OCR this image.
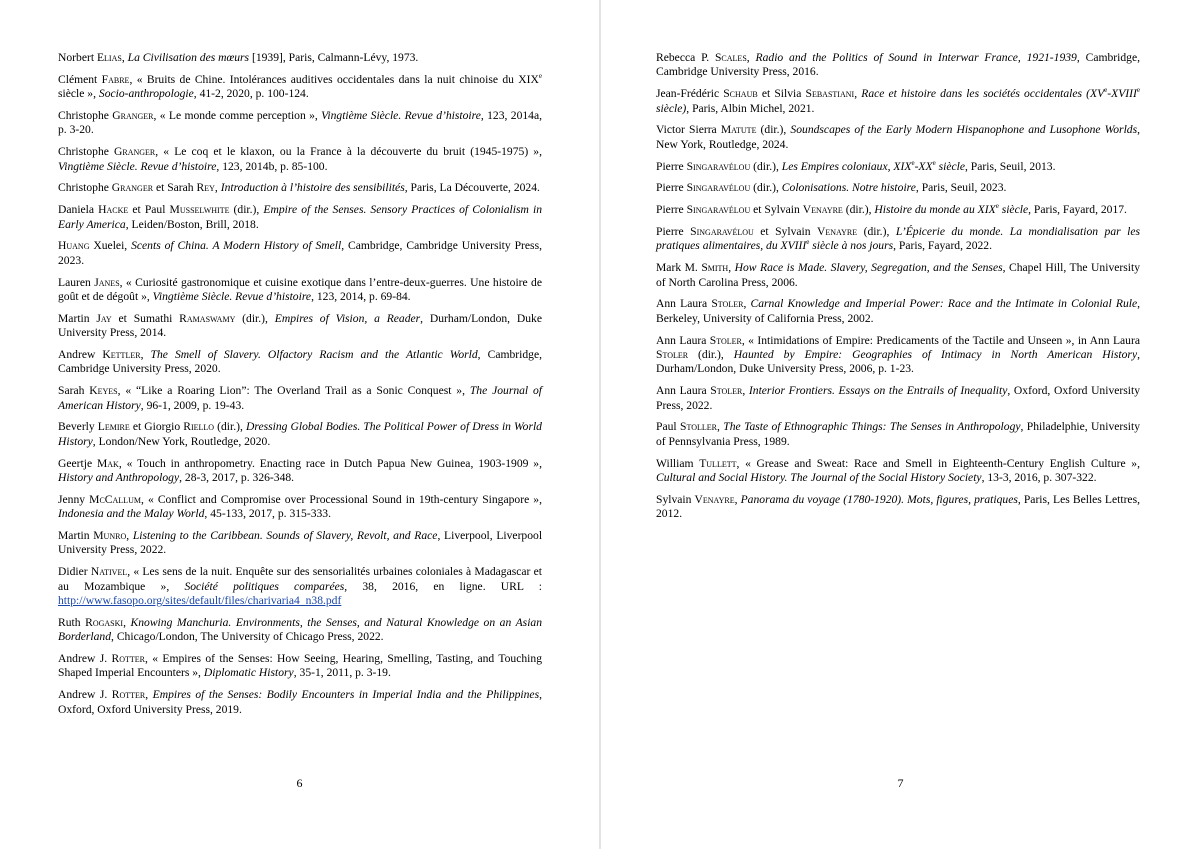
Norbert Elias, La Civilisation des mœurs [1939], Paris, Calmann-Lévy, 1973.

Clément Fabre, « Bruits de Chine. Intolérances auditives occidentales dans la nuit chinoise du XIXe siècle », Socio-anthropologie, 41-2, 2020, p. 100-124.

Christophe Granger, « Le monde comme perception », Vingtième Siècle. Revue d’histoire, 123, 2014a, p. 3-20.

Christophe Granger, « Le coq et le klaxon, ou la France à la découverte du bruit (1945-1975) », Vingtième Siècle. Revue d’histoire, 123, 2014b, p. 85-100.

Christophe Granger et Sarah Rey, Introduction à l’histoire des sensibilités, Paris, La Découverte, 2024.

Daniela Hacke et Paul Musselwhite (dir.), Empire of the Senses. Sensory Practices of Colonialism in Early America, Leiden/Boston, Brill, 2018.

Huang Xuelei, Scents of China. A Modern History of Smell, Cambridge, Cambridge University Press, 2023.

Lauren Janes, « Curiosité gastronomique et cuisine exotique dans l’entre-deux-guerres. Une histoire de goût et de dégoût », Vingtième Siècle. Revue d’histoire, 123, 2014, p. 69-84.

Martin Jay et Sumathi Ramaswamy (dir.), Empires of Vision, a Reader, Durham/London, Duke University Press, 2014.

Andrew Kettler, The Smell of Slavery. Olfactory Racism and the Atlantic World, Cambridge, Cambridge University Press, 2020.

Sarah Keyes, « “Like a Roaring Lion”: The Overland Trail as a Sonic Conquest », The Journal of American History, 96-1, 2009, p. 19-43.

Beverly Lemire et Giorgio Riello (dir.), Dressing Global Bodies. The Political Power of Dress in World History, London/New York, Routledge, 2020.

Geertje Mak, « Touch in anthropometry. Enacting race in Dutch Papua New Guinea, 1903-1909 », History and Anthropology, 28-3, 2017, p. 326-348.

Jenny McCallum, « Conflict and Compromise over Processional Sound in 19th-century Singapore », Indonesia and the Malay World, 45-133, 2017, p. 315-333.

Martin Munro, Listening to the Caribbean. Sounds of Slavery, Revolt, and Race, Liverpool, Liverpool University Press, 2022.

Didier Nativel, « Les sens de la nuit. Enquête sur des sensorialités urbaines coloniales à Madagascar et au Mozambique », Société politiques comparées, 38, 2016, en ligne. URL : http://www.fasopo.org/sites/default/files/charivaria4_n38.pdf

Ruth Rogaski, Knowing Manchuria. Environments, the Senses, and Natural Knowledge on an Asian Borderland, Chicago/London, The University of Chicago Press, 2022.

Andrew J. Rotter, « Empires of the Senses: How Seeing, Hearing, Smelling, Tasting, and Touching Shaped Imperial Encounters », Diplomatic History, 35-1, 2011, p. 3-19.

Andrew J. Rotter, Empires of the Senses: Bodily Encounters in Imperial India and the Philippines, Oxford, Oxford University Press, 2019.

6

Rebecca P. Scales, Radio and the Politics of Sound in Interwar France, 1921-1939, Cambridge, Cambridge University Press, 2016.

Jean-Frédéric Schaub et Silvia Sebastiani, Race et histoire dans les sociétés occidentales (XVe-XVIIIe siècle), Paris, Albin Michel, 2021.

Victor Sierra Matute (dir.), Soundscapes of the Early Modern Hispanophone and Lusophone Worlds, New York, Routledge, 2024.

Pierre Singaravélou (dir.), Les Empires coloniaux, XIXe-XXe siècle, Paris, Seuil, 2013.

Pierre Singaravélou (dir.), Colonisations. Notre histoire, Paris, Seuil, 2023.

Pierre Singaravélou et Sylvain Venayre (dir.), Histoire du monde au XIXe siècle, Paris, Fayard, 2017.

Pierre Singaravélou et Sylvain Venayre (dir.), L’Épicerie du monde. La mondialisation par les pratiques alimentaires, du XVIIIe siècle à nos jours, Paris, Fayard, 2022.

Mark M. Smith, How Race is Made. Slavery, Segregation, and the Senses, Chapel Hill, The University of North Carolina Press, 2006.

Ann Laura Stoler, Carnal Knowledge and Imperial Power: Race and the Intimate in Colonial Rule, Berkeley, University of California Press, 2002.

Ann Laura Stoler, « Intimidations of Empire: Predicaments of the Tactile and Unseen », in Ann Laura Stoler (dir.), Haunted by Empire: Geographies of Intimacy in North American History, Durham/London, Duke University Press, 2006, p. 1-23.

Ann Laura Stoler, Interior Frontiers. Essays on the Entrails of Inequality, Oxford, Oxford University Press, 2022.

Paul Stoller, The Taste of Ethnographic Things: The Senses in Anthropology, Philadelphie, University of Pennsylvania Press, 1989.

William Tullett, « Grease and Sweat: Race and Smell in Eighteenth-Century English Culture », Cultural and Social History. The Journal of the Social History Society, 13-3, 2016, p. 307-322.

Sylvain Venayre, Panorama du voyage (1780-1920). Mots, figures, pratiques, Paris, Les Belles Lettres, 2012.

7
